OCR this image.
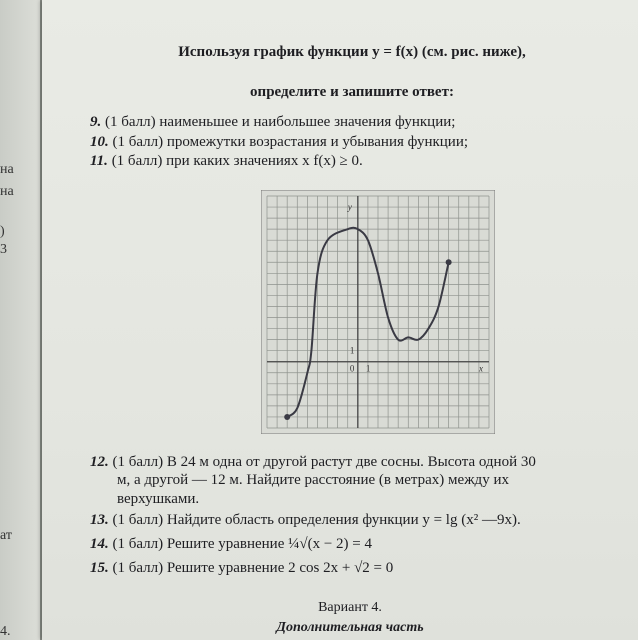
на
на
)
3
ат
4.
Используя график функции y = f(x) (см. рис. ниже),
определите и запишите ответ:
9. (1 балл) наименьшее и наибольшее значения функции;
10. (1 балл) промежутки возрастания и убывания функции;
11. (1 балл) при каких значениях x f(x) ≥ 0.
y
x
0 1
1
12. (1 балл) В 24 м одна от другой растут две сосны. Высота одной 30
м, а другой — 12 м. Найдите расстояние (в метрах) между их
верхушками.
13. (1 балл) Найдите область определения функции y = lg (x² —9x).
14. (1 балл) Решите уравнение ¼√(x − 2) = 4
15. (1 балл) Решите уравнение 2 cos 2x + √2 = 0
Вариант 4.
Дополнительная часть
